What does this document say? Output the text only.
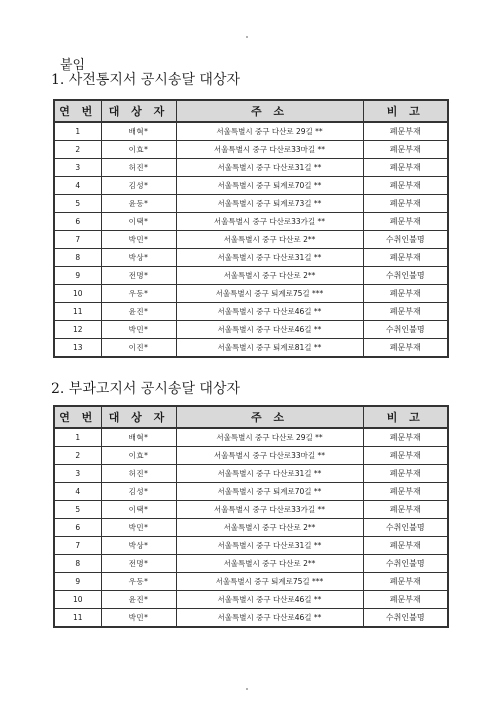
붙임
1. 사전통지서 공시송달 대상자
연 번	대 상 자	주 소	비 고
1	배혁*	서울특별시 중구 다산로 29길 **	폐문부재
2	이효*	서울특별시 중구 다산로33마길 **	폐문부재
3	허진*	서울특별시 중구 다산로31길 **	폐문부재
4	김성*	서울특별시 중구 퇴계로70길 **	폐문부재
5	윤동*	서울특별시 중구 퇴계로73길 **	폐문부재
6	이택*	서울특별시 중구 다산로33가길 **	폐문부재
7	박민*	서울특별시 중구 다산로 2**	수취인불명
8	박상*	서울특별시 중구 다산로31길 **	폐문부재
9	전명*	서울특별시 중구 다산로 2**	수취인불명
10	우동*	서울특별시 중구 퇴계로75길 ***	폐문부재
11	윤진*	서울특별시 중구 다산로46길 **	폐문부재
12	박민*	서울특별시 중구 다산로46길 **	수취인불명
13	이진*	서울특별시 중구 퇴계로81길 **	폐문부재
2. 부과고지서 공시송달 대상자
연 번	대 상 자	주 소	비 고
1	배혁*	서울특별시 중구 다산로 29길 **	폐문부재
2	이효*	서울특별시 중구 다산로33마길 **	폐문부재
3	허진*	서울특별시 중구 다산로31길 **	폐문부재
4	김성*	서울특별시 중구 퇴계로70길 **	폐문부재
5	이택*	서울특별시 중구 다산로33가길 **	폐문부재
6	박민*	서울특별시 중구 다산로 2**	수취인불명
7	박상*	서울특별시 중구 다산로31길 **	폐문부재
8	전명*	서울특별시 중구 다산로 2**	수취인불명
9	우동*	서울특별시 중구 퇴계로75길 ***	폐문부재
10	윤진*	서울특별시 중구 다산로46길 **	폐문부재
11	박민*	서울특별시 중구 다산로46길 **	수취인불명
